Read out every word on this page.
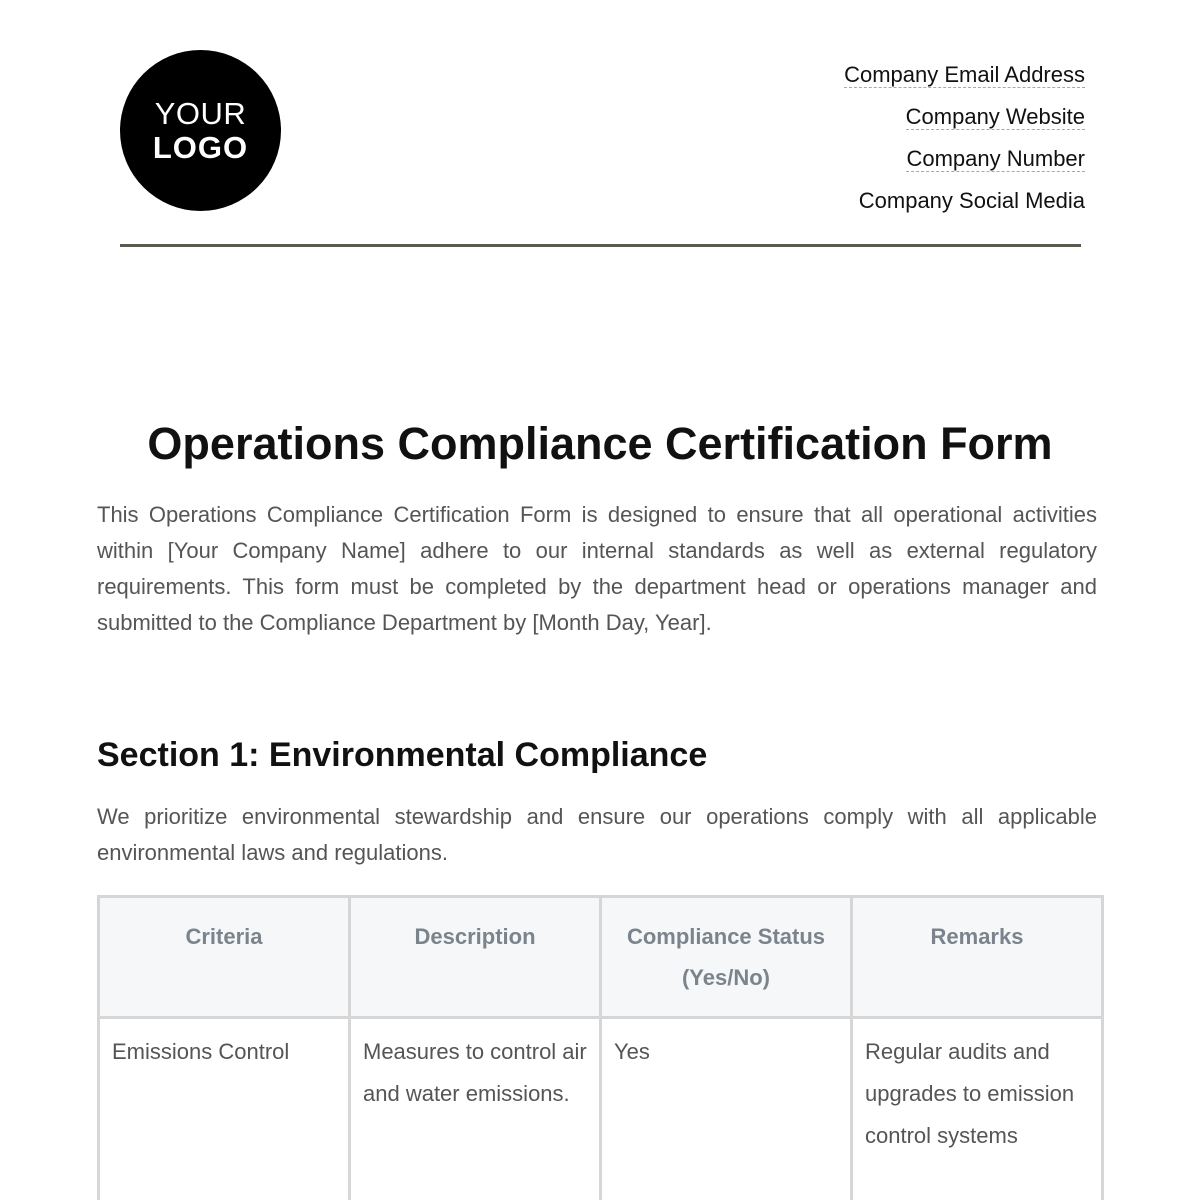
YOUR
LOGO
Company Email Address
Company Website
Company Number
Company Social Media
Operations Compliance Certification Form

This Operations Compliance Certification Form is designed to ensure that all operational activities within [Your Company Name] adhere to our internal standards as well as external regulatory requirements. This form must be completed by the department head or operations manager and submitted to the Compliance Department by [Month Day, Year].

Section 1: Environmental Compliance

We prioritize environmental stewardship and ensure our operations comply with all applicable environmental laws and regulations.

Criteria	Description	Compliance Status (Yes/No)	Remarks
Emissions Control	Measures to control air and water emissions.	Yes	Regular audits and upgrades to emission control systems
